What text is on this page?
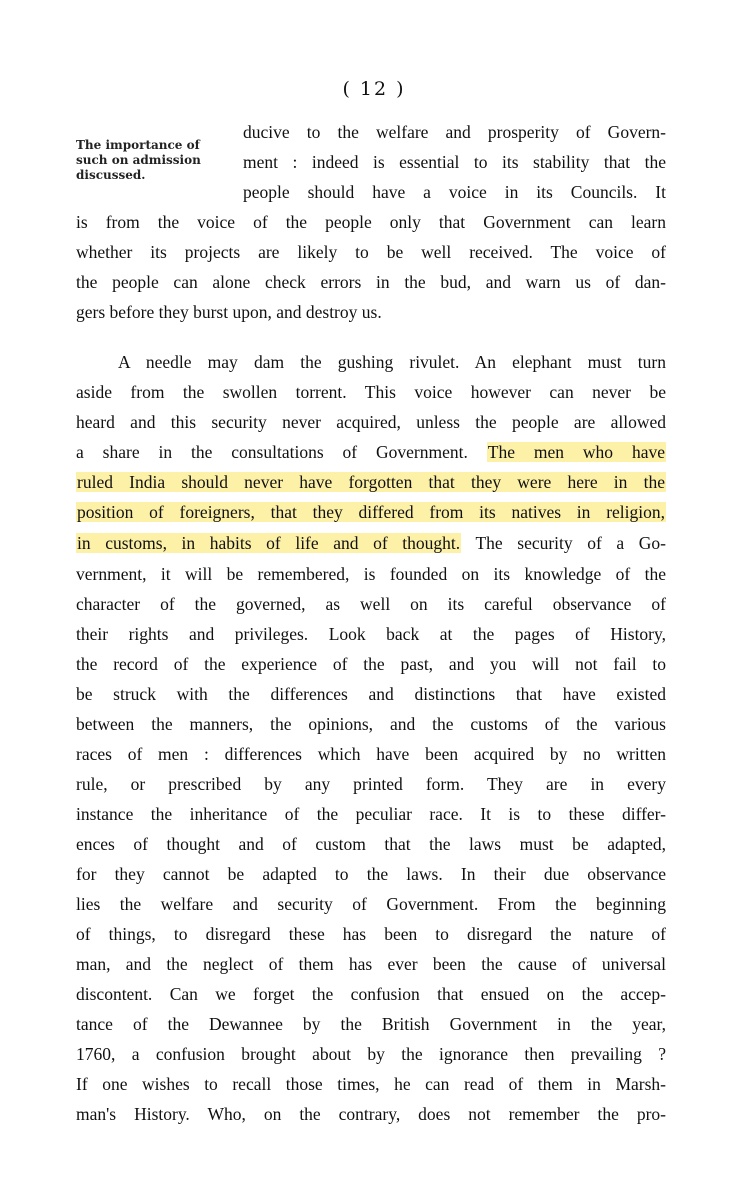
( 12 )
The importance of
such on admission
discussed.
ducive to the welfare and prosperity of Govern-
ment : indeed is essential to its stability that the
people should have a voice in its Councils. It
is from the voice of the people only that Government can learn
whether its projects are likely to be well received. The voice of
the people can alone check errors in the bud, and warn us of dan-
gers before they burst upon, and destroy us.
A needle may dam the gushing rivulet. An elephant must turn
aside from the swollen torrent. This voice however can never be
heard and this security never acquired, unless the people are allowed
a share in the consultations of Government. The men who have
ruled India should never have forgotten that they were here in the
position of foreigners, that they differed from its natives in religion,
in customs, in habits of life and of thought. The security of a Go-
vernment, it will be remembered, is founded on its knowledge of the
character of the governed, as well on its careful observance of
their rights and privileges. Look back at the pages of History,
the record of the experience of the past, and you will not fail to
be struck with the differences and distinctions that have existed
between the manners, the opinions, and the customs of the various
races of men : differences which have been acquired by no written
rule, or prescribed by any printed form. They are in every
instance the inheritance of the peculiar race. It is to these differ-
ences of thought and of custom that the laws must be adapted,
for they cannot be adapted to the laws. In their due observance
lies the welfare and security of Government. From the beginning
of things, to disregard these has been to disregard the nature of
man, and the neglect of them has ever been the cause of universal
discontent. Can we forget the confusion that ensued on the accep-
tance of the Dewannee by the British Government in the year,
1760, a confusion brought about by the ignorance then prevailing ?
If one wishes to recall those times, he can read of them in Marsh-
man's History. Who, on the contrary, does not remember the pro-
